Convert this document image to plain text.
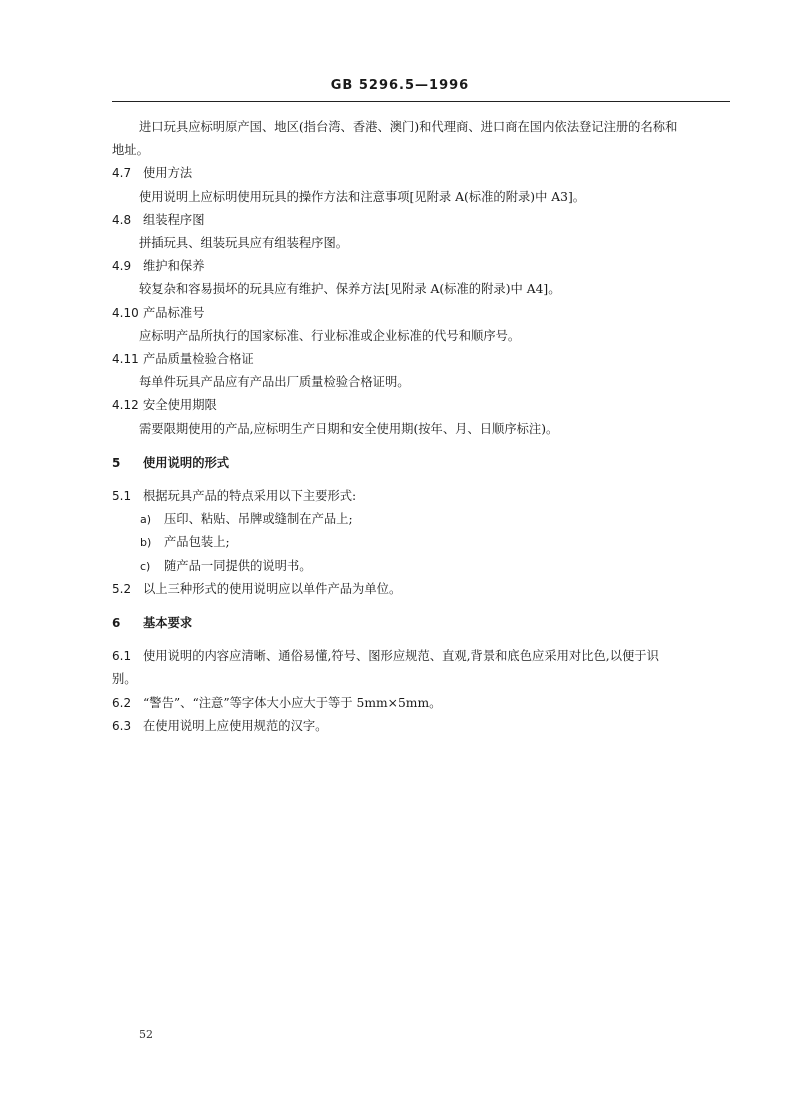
GB 5296.5—1996

进口玩具应标明原产国、地区(指台湾、香港、澳门)和代理商、进口商在国内依法登记注册的名称和

地址。

4.7 使用方法

使用说明上应标明使用玩具的操作方法和注意事项[见附录 A(标准的附录)中 A3]。

4.8 组装程序图

拼插玩具、组装玩具应有组装程序图。

4.9 维护和保养

较复杂和容易损坏的玩具应有维护、保养方法[见附录 A(标准的附录)中 A4]。

4.10 产品标准号

应标明产品所执行的国家标准、行业标准或企业标准的代号和顺序号。

4.11 产品质量检验合格证

每单件玩具产品应有产品出厂质量检验合格证明。

4.12 安全使用期限

需要限期使用的产品,应标明生产日期和安全使用期(按年、月、日顺序标注)。

5 使用说明的形式

5.1 根据玩具产品的特点采用以下主要形式:

a) 压印、粘贴、吊牌或缝制在产品上;

b) 产品包装上;

c) 随产品一同提供的说明书。

5.2 以上三种形式的使用说明应以单件产品为单位。

6 基本要求

6.1 使用说明的内容应清晰、通俗易懂,符号、图形应规范、直观,背景和底色应采用对比色,以便于识

别。

6.2 “警告”、“注意”等字体大小应大于等于 5mm×5mm。

6.3 在使用说明上应使用规范的汉字。

52
